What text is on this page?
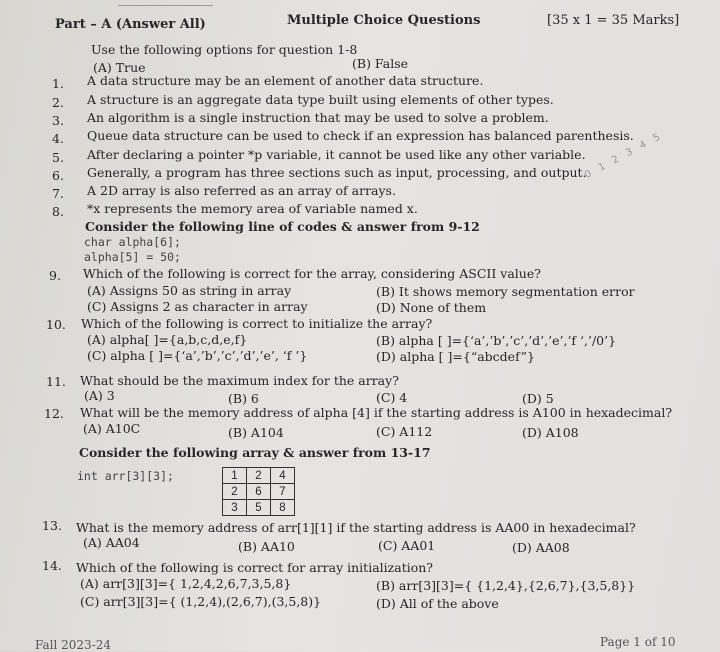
Part – A (Answer All)	Multiple Choice Questions	[35 x 1 = 35 Marks]
Use the following options for question 1-8
(A) True	(B) False
1. A data structure may be an element of another data structure.
2. A structure is an aggregate data type built using elements of other types.
3. An algorithm is a single instruction that may be used to solve a problem.
4. Queue data structure can be used to check if an expression has balanced parenthesis.
5. After declaring a pointer *p variable, it cannot be used like any other variable.
6. Generally, a program has three sections such as input, processing, and output.
7. A 2D array is also referred as an array of arrays.
8. *x represents the memory area of variable named x.
0 1 2 3 4 5
Consider the following line of codes & answer from 9-12
char alpha[6];
alpha[5] = 50;
9. Which of the following is correct for the array, considering ASCII value?
(A) Assigns 50 as string in array	(B) It shows memory segmentation error
(C) Assigns 2 as character in array	(D) None of them
10. Which of the following is correct to initialize the array?
(A) alpha[ ]={a,b,c,d,e,f}	(B) alpha [ ]={‘a’,’b’,’c’,’d’,’e’,’f ‘,’/0’}
(C) alpha [ ]={‘a’,’b’,’c’,’d’,’e’, ‘f ’}	(D) alpha [ ]={“abcdef”}
11. What should be the maximum index for the array?
(A) 3	(B) 6	(C) 4	(D) 5
12. What will be the memory address of alpha [4] if the starting address is A100 in hexadecimal?
(A) A10C	(B) A104	(C) A112	(D) A108
Consider the following array & answer from 13-17
int arr[3][3];	1	2	4
2	6	7
3	5	8
13. What is the memory address of arr[1][1] if the starting address is AA00 in hexadecimal?
(A) AA04	(B) AA10	(C) AA01	(D) AA08
14. Which of the following is correct for array initialization?
(A) arr[3][3]={ 1,2,4,2,6,7,3,5,8}	(B) arr[3][3]={ {1,2,4},{2,6,7},{3,5,8}}
(C) arr[3][3]={ (1,2,4),(2,6,7),(3,5,8)}	(D) All of the above
Fall 2023-24	Page 1 of 10
